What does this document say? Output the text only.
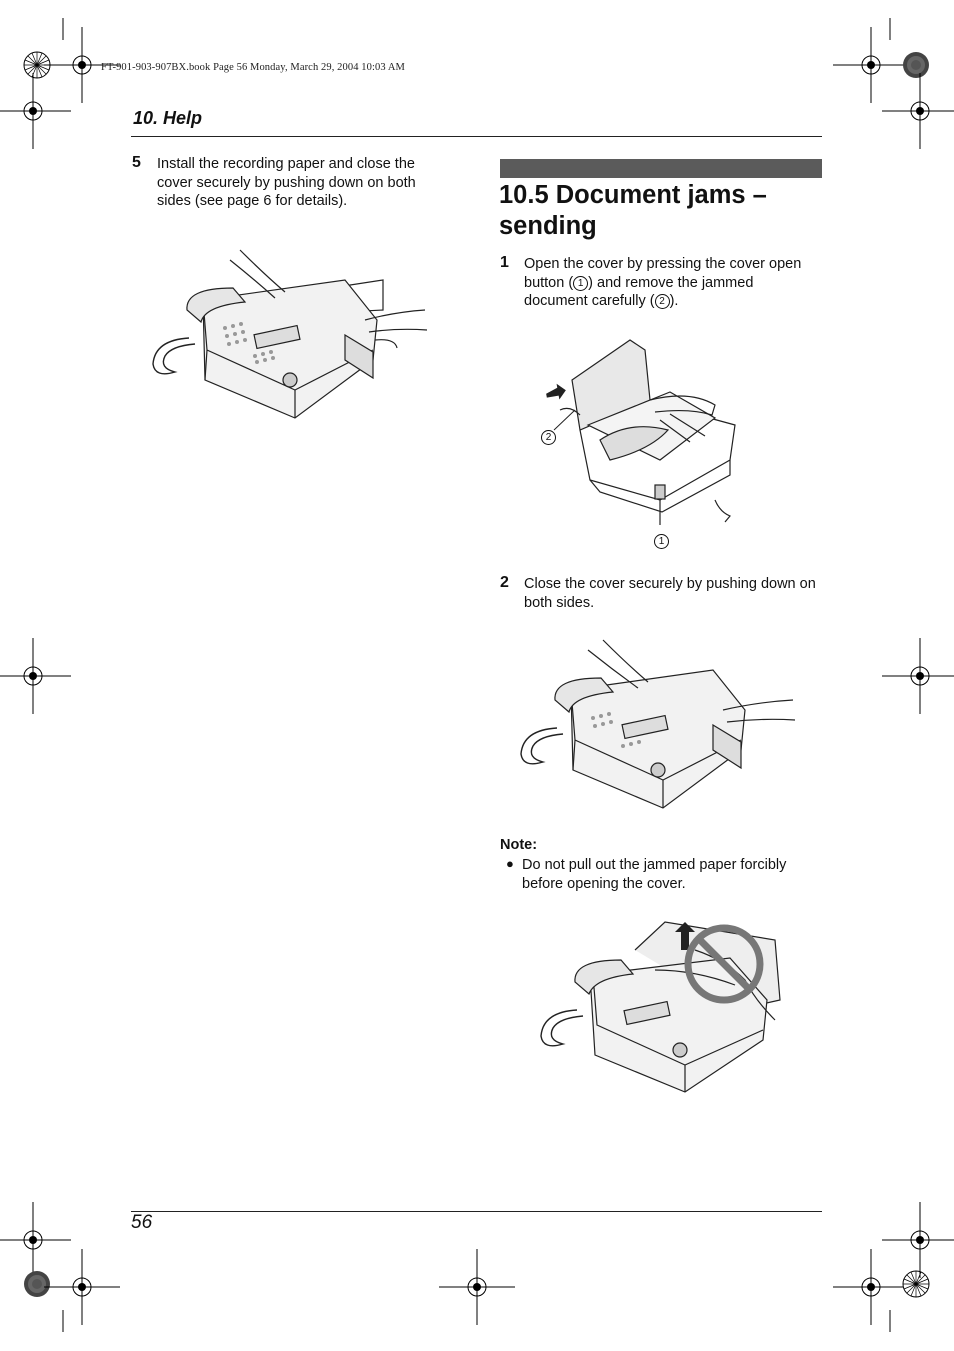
FT-901-903-907BX.book Page 56 Monday, March 29, 2004 10:03 AM
10. Help
5 Install the recording paper and close the
cover securely by pushing down on both
sides (see page 6 for details).	10.5 Document jams –
sending
1 Open the cover by pressing the cover open
button ( 1 ) and remove the jammed
document carefully ( 2 ).
2
1
2 Close the cover securely by pushing down on
both sides.
Note:
● Do not pull out the jammed paper forcibly
before opening the cover.
56
